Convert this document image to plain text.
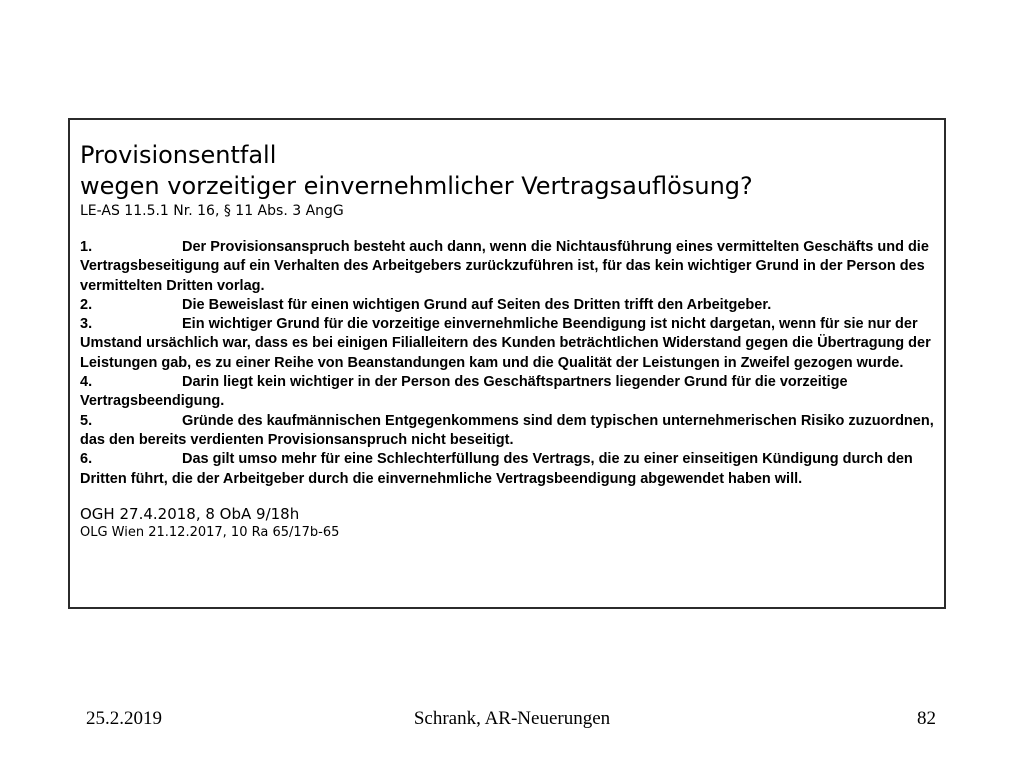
Provisionsentfall
wegen vorzeitiger einvernehmlicher Vertragsauflösung?
LE-AS 11.5.1 Nr. 16, § 11 Abs. 3 AngG
1.	Der Provisionsanspruch besteht auch dann, wenn die Nichtausführung eines vermittelten Geschäfts und die Vertragsbeseitigung auf ein Verhalten des Arbeitgebers zurückzuführen ist, für das kein wichtiger Grund in der Person des vermittelten Dritten vorlag.
2.	Die Beweislast für einen wichtigen Grund auf Seiten des Dritten trifft den Arbeitgeber.
3.	Ein wichtiger Grund für die vorzeitige einvernehmliche Beendigung ist nicht dargetan, wenn für sie nur der Umstand ursächlich war, dass es bei einigen Filialleitern des Kunden beträchtlichen Widerstand gegen die Übertragung der Leistungen gab, es zu einer Reihe von Beanstandungen kam und die Qualität der Leistungen in Zweifel gezogen wurde.
4.	Darin liegt kein wichtiger in der Person des Geschäftspartners liegender Grund für die vorzeitige Vertragsbeendigung.
5.	Gründe des kaufmännischen Entgegenkommens sind dem typischen unternehmerischen Risiko zuzuordnen, das den bereits verdienten Provisionsanspruch nicht beseitigt.
6.	Das gilt umso mehr für eine Schlechterfüllung des Vertrags, die zu einer einseitigen Kündigung durch den Dritten führt, die der Arbeitgeber durch die einvernehmliche Vertragsbeendigung abgewendet haben will.
OGH 27.4.2018, 8 ObA 9/18h
OLG Wien 21.12.2017, 10 Ra 65/17b-65
25.2.2019	Schrank, AR-Neuerungen	82
